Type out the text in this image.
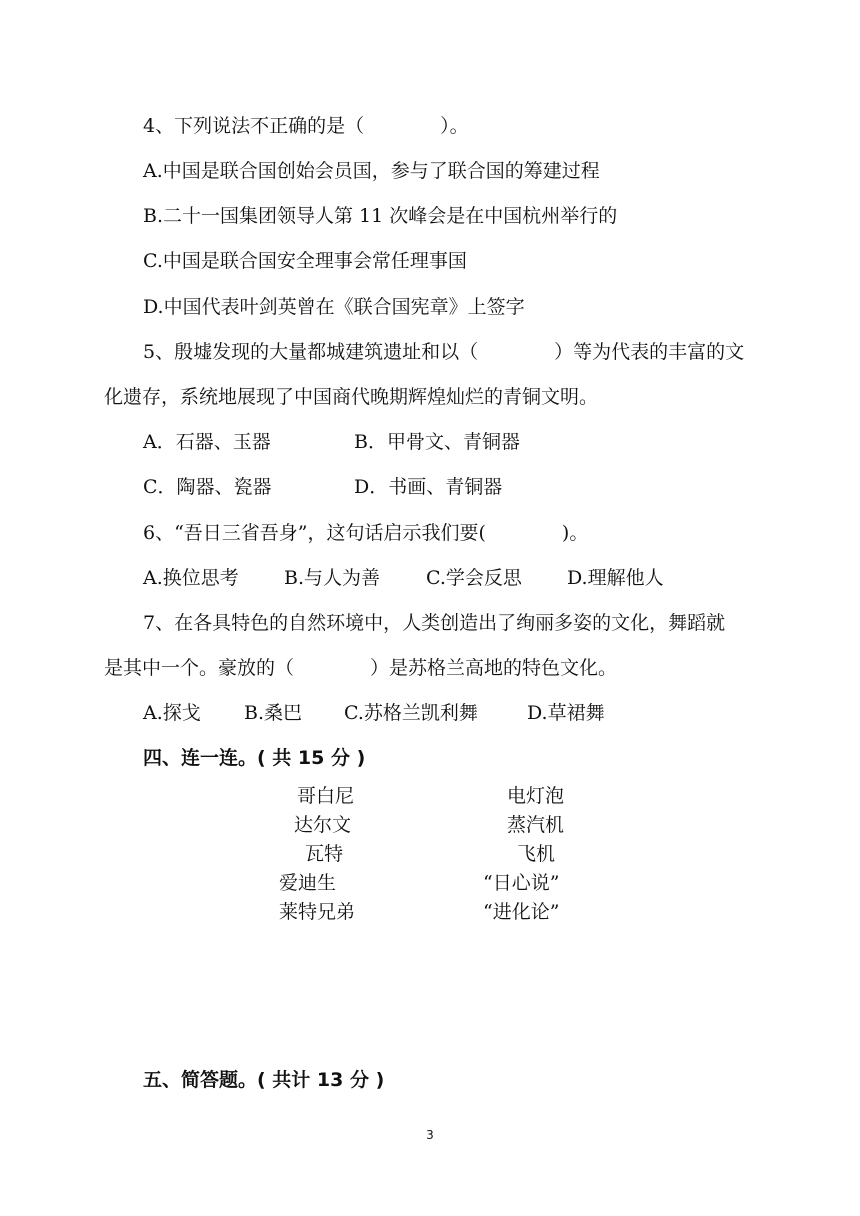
4、下列说法不正确的是（　　　　）。
A.中国是联合国创始会员国，参与了联合国的筹建过程
B.二十一国集团领导人第 11 次峰会是在中国杭州举行的
C.中国是联合国安全理事会常任理事国
D.中国代表叶剑英曾在《联合国宪章》上签字
5、殷墟发现的大量都城建筑遗址和以（　　　　）等为代表的丰富的文
化遗存，系统地展现了中国商代晚期辉煌灿烂的青铜文明。
A．石器、玉器	B．甲骨文、青铜器
C．陶器、瓷器	D．书画、青铜器
6、“吾日三省吾身”，这句话启示我们要(　　　　)。
A.换位思考 B.与人为善 C.学会反思 D.理解他人
7、在各具特色的自然环境中，人类创造出了绚丽多姿的文化，舞蹈就
是其中一个。豪放的（　　　　）是苏格兰高地的特色文化。
A.探戈 B.桑巴 C.苏格兰凯利舞	D.草裙舞
四、连一连。( 共 15 分 )
哥白尼
达尔文
瓦特
爱迪生
莱特兄弟
电灯泡
蒸汽机
飞机
“日心说”
“进化论”
五、简答题。( 共计 13 分 )
3
